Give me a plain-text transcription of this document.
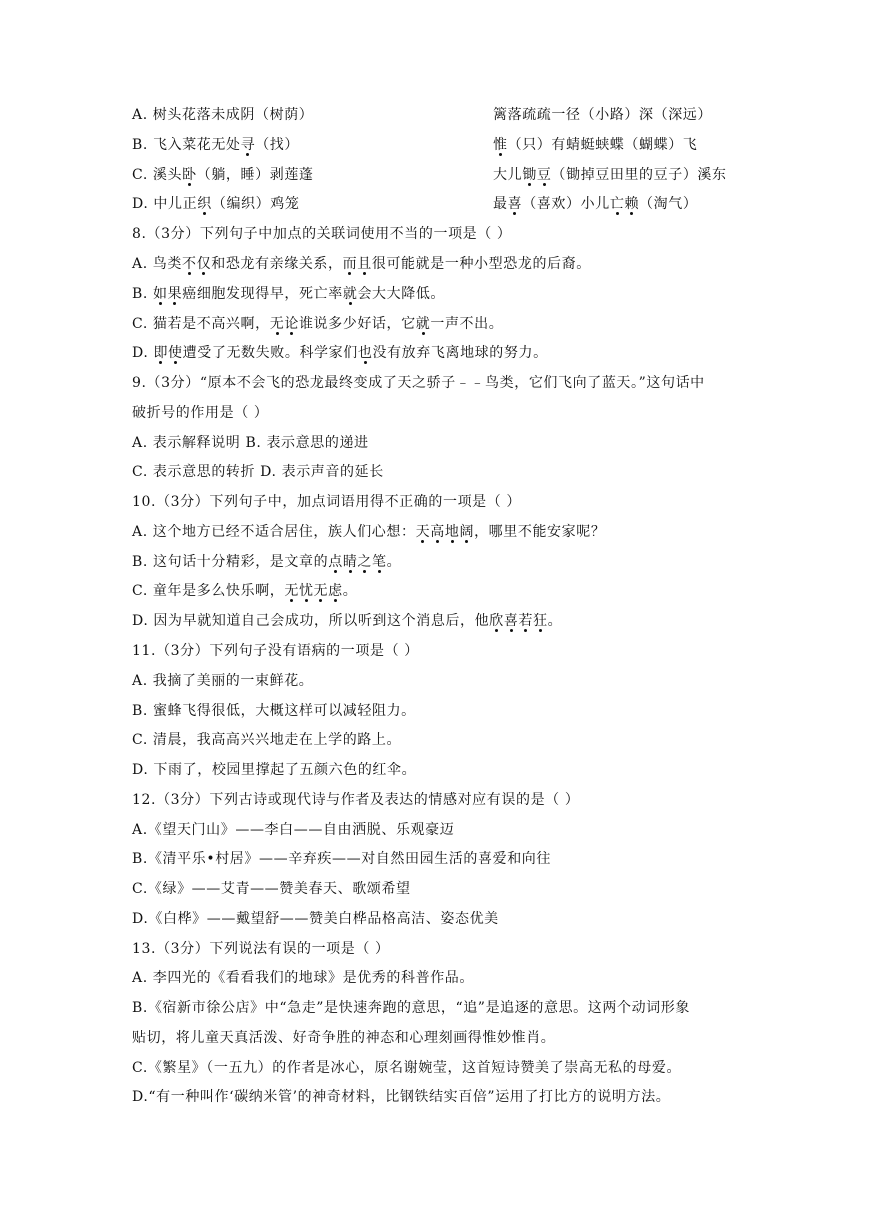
A. 树头花落未成阴（树荫）	篱落疏疏一径（小路）深（深远）
B. 飞入菜花无处寻（找）	惟（只）有蜻蜓蛱蝶（蝴蝶）飞
C. 溪头卧（躺，睡）剥莲蓬	大儿锄豆（锄掉豆田里的豆子）溪东
D. 中儿正织（编织）鸡笼	最喜（喜欢）小儿亡赖（淘气）
8.（3分）下列句子中加点的关联词使用不当的一项是（ ）
A. 鸟类不仅和恐龙有亲缘关系，而且很可能就是一种小型恐龙的后裔。
B. 如果癌细胞发现得早，死亡率就会大大降低。
C. 猫若是不高兴啊，无论谁说多少好话，它就一声不出。
D. 即使遭受了无数失败。科学家们也没有放弃飞离地球的努力。
9.（3分）“原本不会飞的恐龙最终变成了天之骄子﹣﹣鸟类，它们飞向了蓝天。”这句话中
破折号的作用是（ ）
A. 表示解释说明 B. 表示意思的递进
C. 表示意思的转折 D. 表示声音的延长
10.（3分）下列句子中，加点词语用得不正确的一项是（ ）
A. 这个地方已经不适合居住，族人们心想：天高地阔，哪里不能安家呢？
B. 这句话十分精彩，是文章的点睛之笔。
C. 童年是多么快乐啊，无忧无虑。
D. 因为早就知道自己会成功，所以听到这个消息后，他欣喜若狂。
11.（3分）下列句子没有语病的一项是（ ）
A. 我摘了美丽的一束鲜花。
B. 蜜蜂飞得很低，大概这样可以减轻阻力。
C. 清晨，我高高兴兴地走在上学的路上。
D. 下雨了，校园里撑起了五颜六色的红伞。
12.（3分）下列古诗或现代诗与作者及表达的情感对应有误的是（ ）
A.《望天门山》——李白——自由洒脱、乐观豪迈
B.《清平乐•村居》——辛弃疾——对自然田园生活的喜爱和向往
C.《绿》——艾青——赞美春天、歌颂希望
D.《白桦》——戴望舒——赞美白桦品格高洁、姿态优美
13.（3分）下列说法有误的一项是（ ）
A. 李四光的《看看我们的地球》是优秀的科普作品。
B.《宿新市徐公店》中“急走”是快速奔跑的意思，“追”是追逐的意思。这两个动词形象
贴切，将儿童天真活泼、好奇争胜的神态和心理刻画得惟妙惟肖。
C.《繁星》（一五九）的作者是冰心，原名谢婉莹，这首短诗赞美了崇高无私的母爱。
D.“有一种叫作‘碳纳米管’的神奇材料，比钢铁结实百倍”运用了打比方的说明方法。
